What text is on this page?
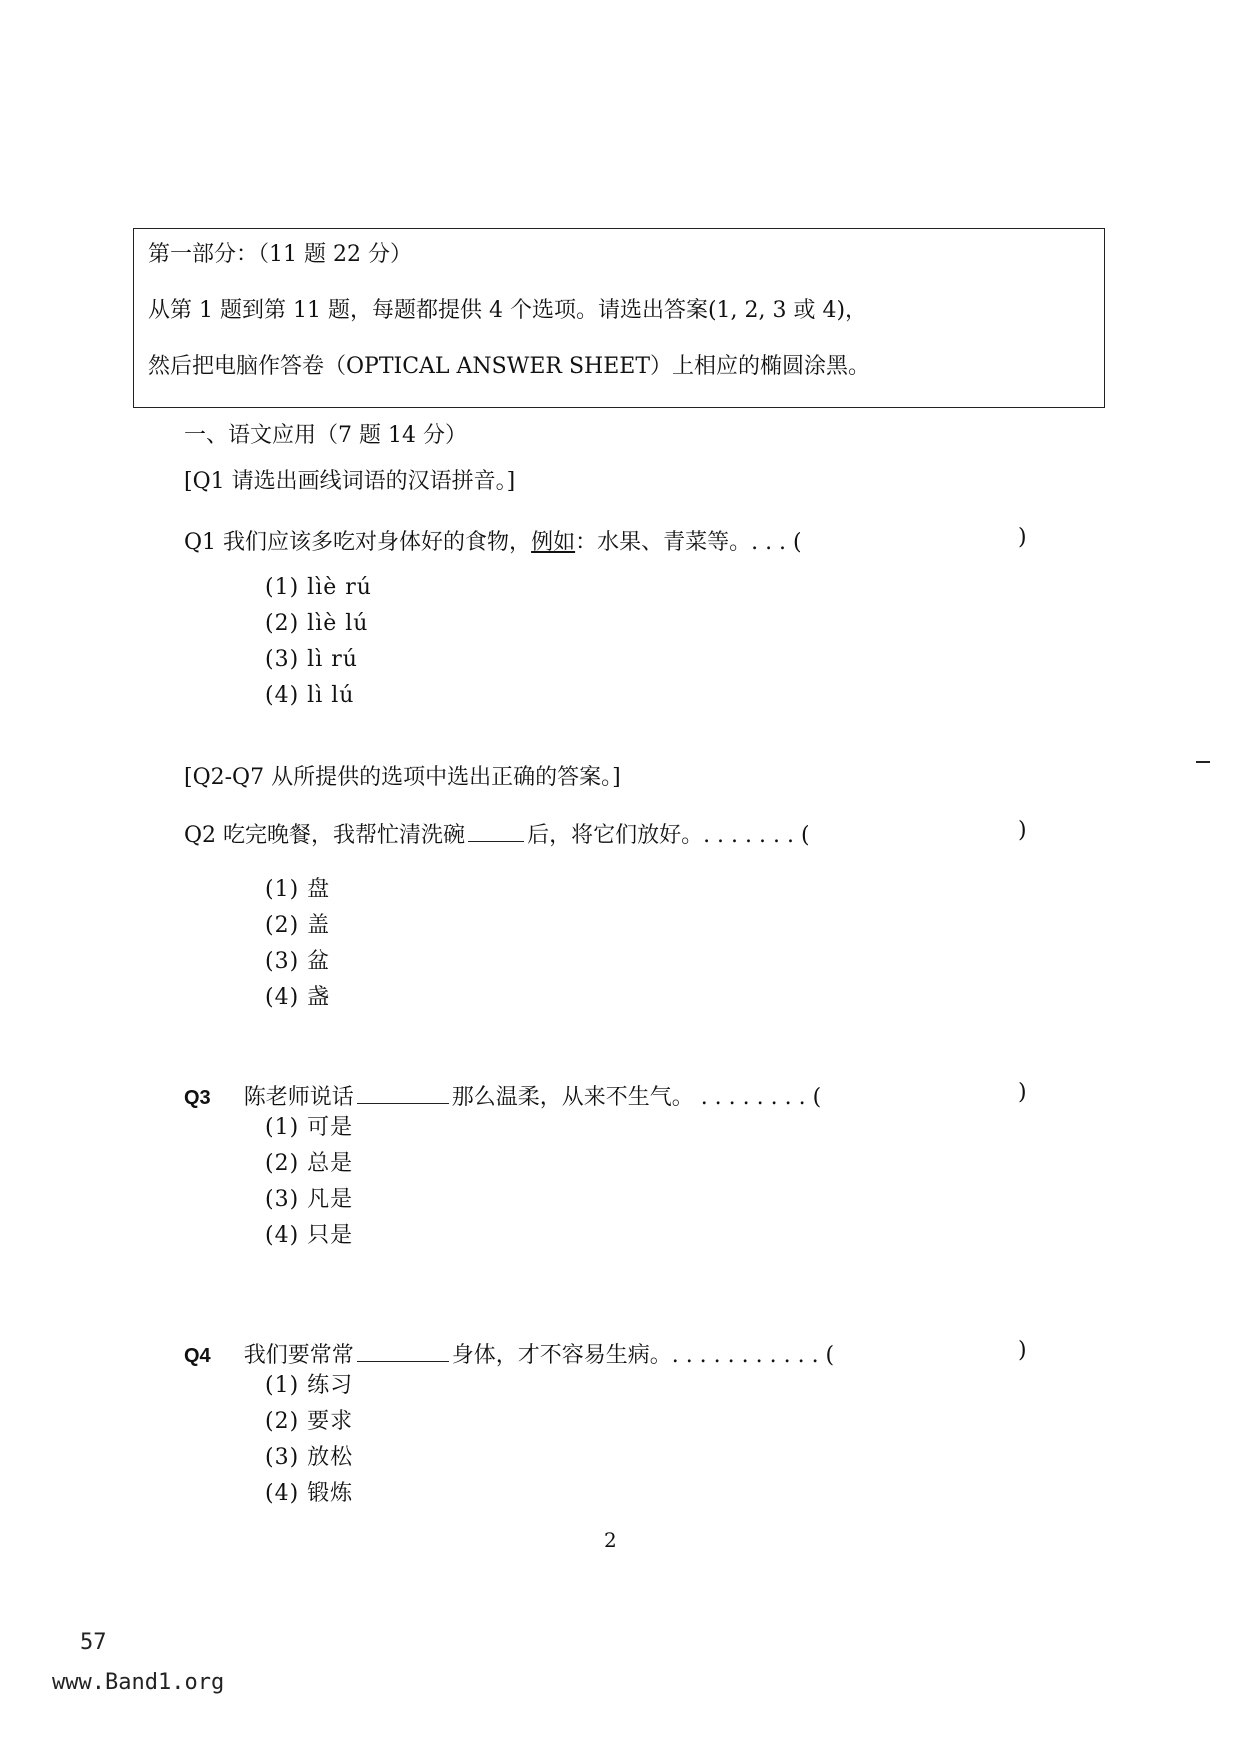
第一部分：（11 题 22 分）
从第 1 题到第 11 题，每题都提供 4 个选项。请选出答案(1, 2, 3 或 4)，
然后把电脑作答卷（OPTICAL ANSWER SHEET）上相应的椭圆涂黑。
一、语文应用（7 题 14 分）
[Q1 请选出画线词语的汉语拼音。]
Q1 我们应该多吃对身体好的食物，例如：水果、青菜等。. . . (	)
(1) lìè rú
(2) lìè lú
(3) lì rú
(4) lì lú
[Q2-Q7 从所提供的选项中选出正确的答案。]
Q2 吃完晚餐，我帮忙清洗碗	后，将它们放好。. . . . . . . (	)
(1) 盘
(2) 盖
(3) 盆
(4) 盏
Q3 陈老师说话	那么温柔，从来不生气。 . . . . . . . . (	)
(1) 可是
(2) 总是
(3) 凡是
(4) 只是
Q4 我们要常常	身体，才不容易生病。. . . . . . . . . . . (	)
(1) 练习
(2) 要求
(3) 放松
(4) 锻炼
2
57
www.Band1.org
